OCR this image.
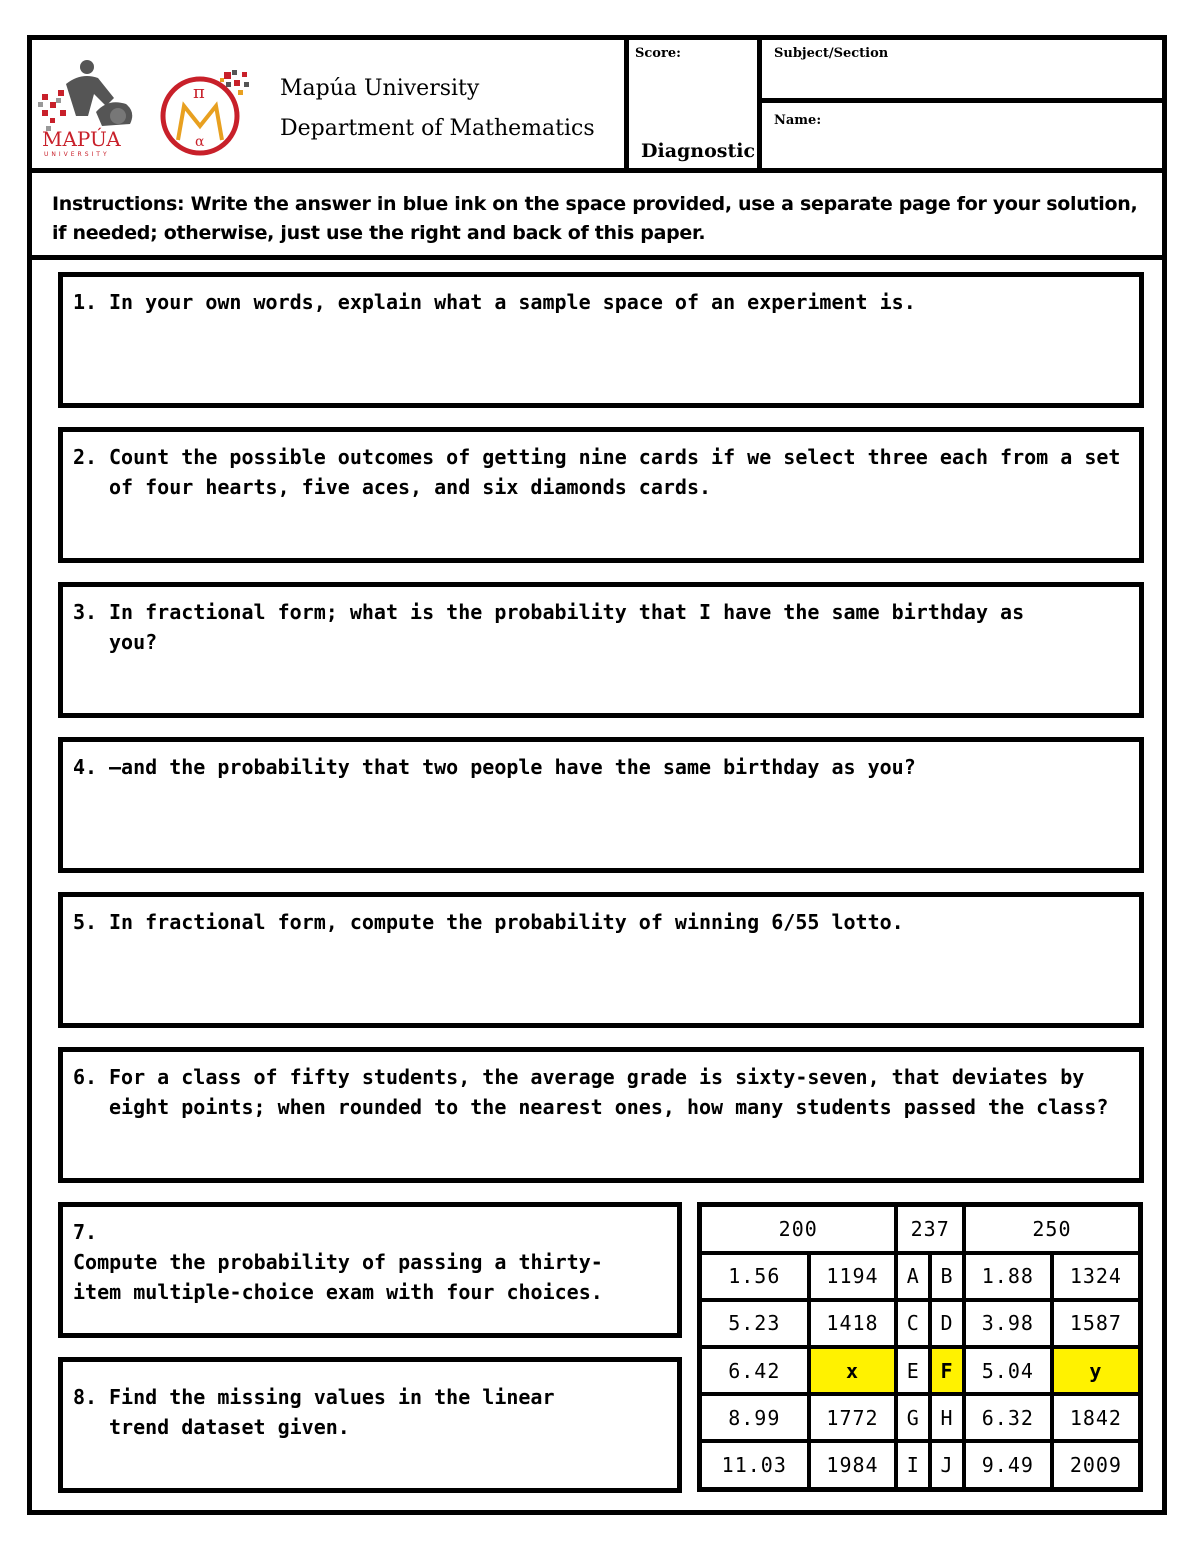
MAPÚA
UNIVERSITY
π
α
Mapúa University
Department of Mathematics
Score:
Diagnostic
Subject/Section
Name:
Instructions: Write the answer in blue ink on the space provided, use a separate page for your solution, if needed; otherwise, just use the right and back of this paper.
1. In your own words, explain what a sample space of an experiment is.
2. Count the possible outcomes of getting nine cards if we select three each from a set of four hearts, five aces, and six diamonds cards.
3. In fractional form; what is the probability that I have the same birthday as you?
4. —and the probability that two people have the same birthday as you?
5. In fractional form, compute the probability of winning 6/55 lotto.
6. For a class of fifty students, the average grade is sixty-seven, that deviates by eight points; when rounded to the nearest ones, how many students passed the class?
7.Compute the probability of passing a thirty-item multiple-choice exam with four choices.
8. Find the missing values in the linear trend dataset given.
200		237		250	
1.56	1194	A	B	1.88	1324
5.23	1418	C	D	3.98	1587
6.42	x	E	F	5.04	y
8.99	1772	G	H	6.32	1842
11.03	1984	I	J	9.49	2009
